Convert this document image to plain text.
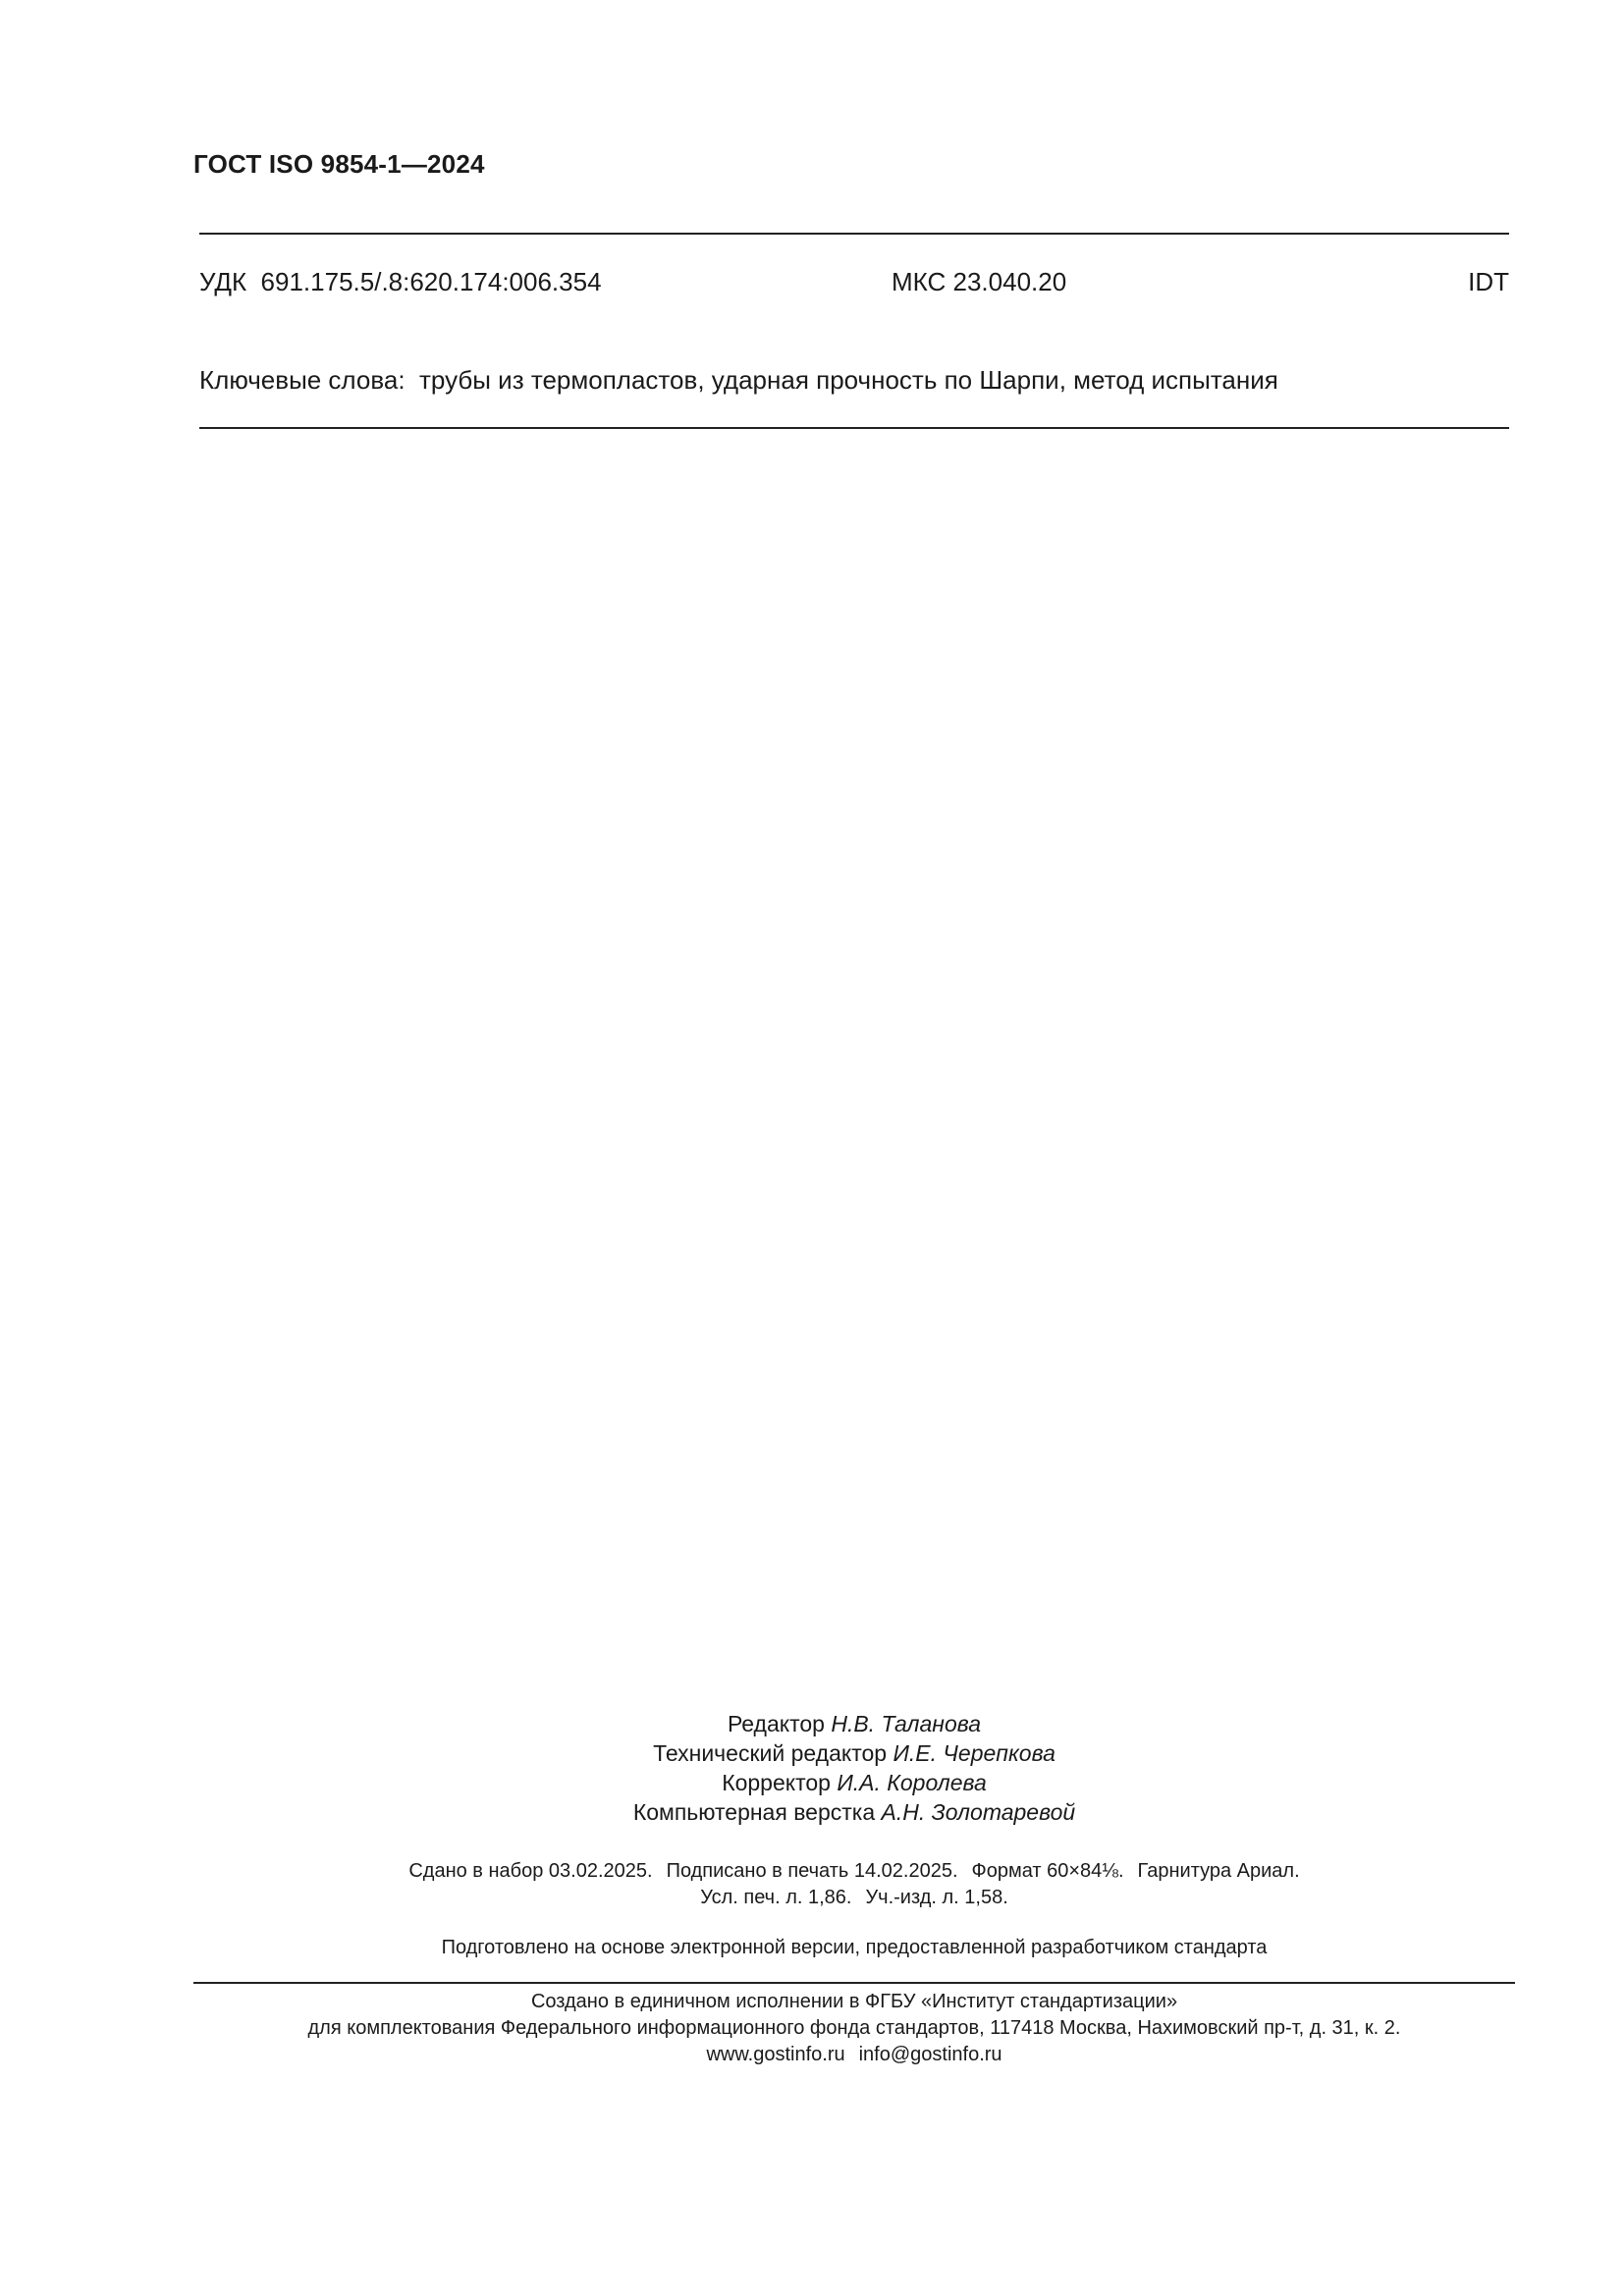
ГОСТ ISO 9854-1—2024
УДК  691.175.5/.8:620.174:006.354	МКС 23.040.20	IDT
Ключевые слова: трубы из термопластов, ударная прочность по Шарпи, метод испытания
Редактор Н.В. Таланова
Технический редактор И.Е. Черепкова
Корректор И.А. Королева
Компьютерная верстка А.Н. Золотаревой
Сдано в набор 03.02.2025. Подписано в печать 14.02.2025. Формат 60×84⅛. Гарнитура Ариал.
Усл. печ. л. 1,86. Уч.-изд. л. 1,58.
Подготовлено на основе электронной версии, предоставленной разработчиком стандарта
Создано в единичном исполнении в ФГБУ «Институт стандартизации»
для комплектования Федерального информационного фонда стандартов, 117418 Москва, Нахимовский пр-т, д. 31, к. 2.
www.gostinfo.ru info@gostinfo.ru
